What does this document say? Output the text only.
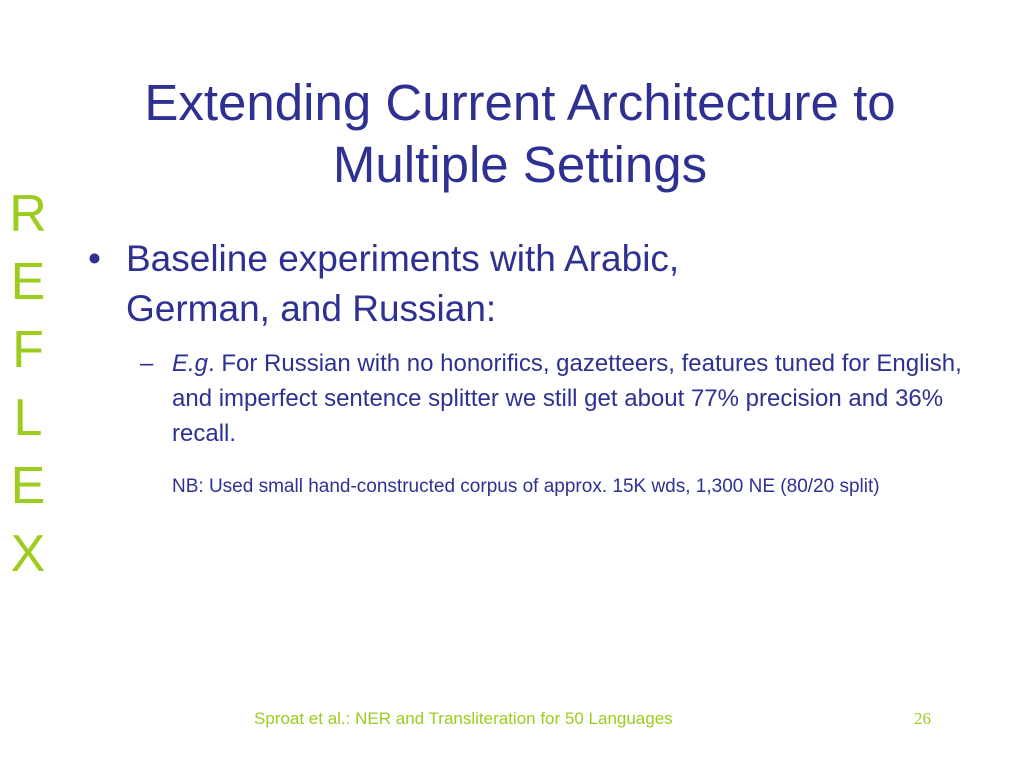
R
E
F
L
E
X
Extending Current Architecture to
Multiple Settings
• Baseline experiments with Arabic,
German, and Russian:
– E.g. For Russian with no honorifics, gazetteers, features tuned for English, and imperfect sentence splitter we still get about 77% precision and 36% recall.
NB: Used small hand-constructed corpus of approx. 15K wds, 1,300 NE (80/20 split)
Sproat et al.: NER and Transliteration for 50 Languages	26
